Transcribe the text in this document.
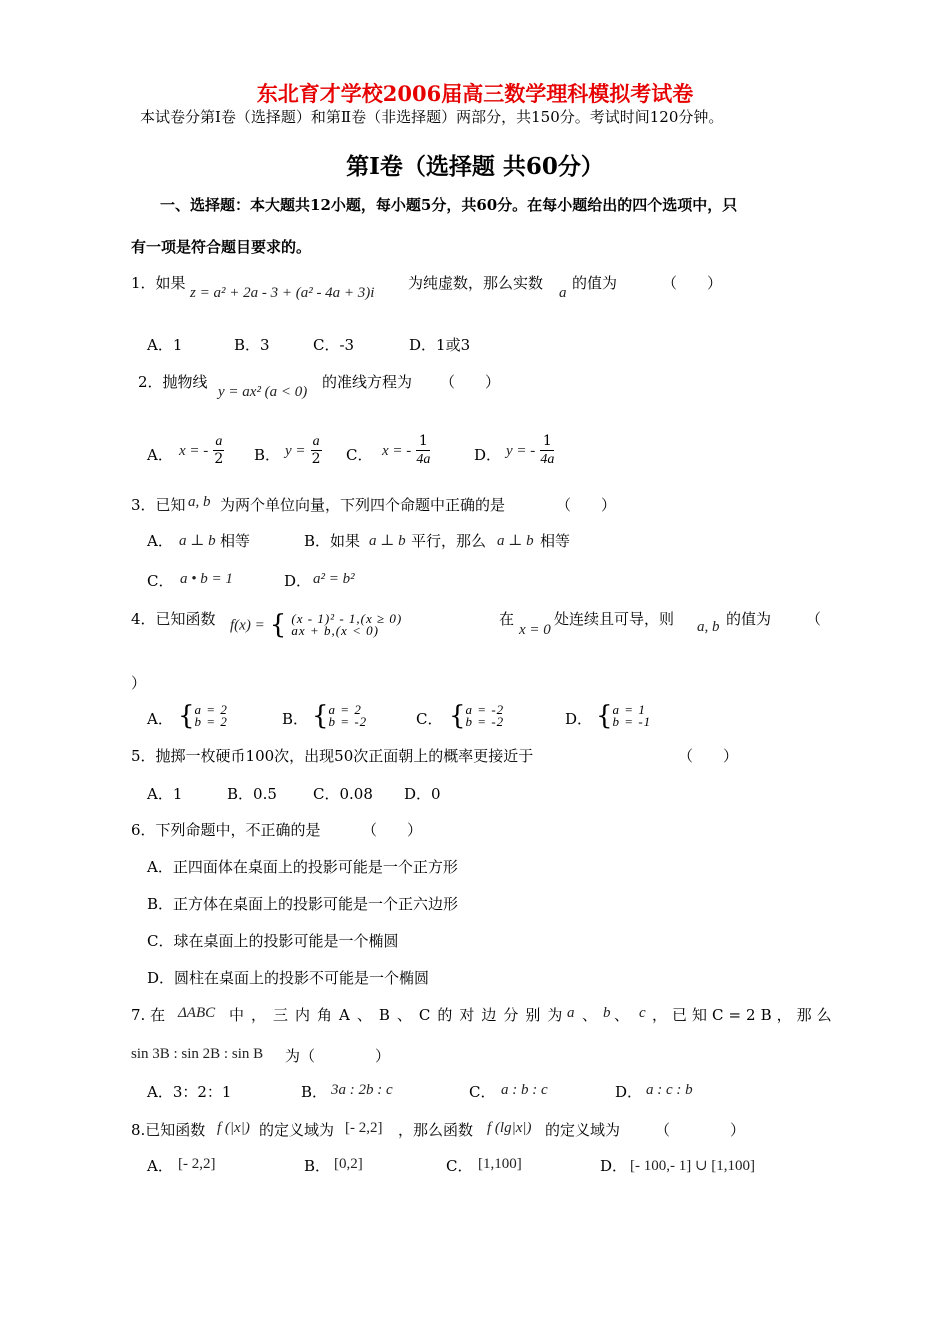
东北育才学校2006届高三数学理科模拟考试卷
本试卷分第Ⅰ卷（选择题）和第Ⅱ卷（非选择题）两部分，共150分。考试时间120分钟。
第Ⅰ卷（选择题 共60分）
一、选择题：本大题共12小题，每小题5分，共60分。在每小题给出的四个选项中，只
有一项是符合题目要求的。
1．如果
z = a² + 2a - 3 + (a² - 4a + 3)i
为纯虚数，那么实数
a
的值为	（　　）
A．1	B．3	C．-3	D．1或3
2．抛物线
y = ax² (a < 0)
的准线方程为 （　　）
A． x = - $\frac{a}{2}$ B． $y = \frac{a}{2}$ C． x = - $\frac{1}{4a}$	D． y = - $\frac{1}{4a}$
3．已知 a, b 为两个单位向量，下列四个命题中正确的是	（　　）
A． a ⊥ b 相等	B．如果 a ⊥ b 平行，那么 a ⊥ b 相等
C． a • b = 1	D． a² = b²
4．已知函数 f(x) = { (x - 1)² - 1,(x ≥ 0)
ax + b,(x < 0)
在
x = 0
处连续且可导，则 a, b 的值为 （
）
A． { a = 2
b = 2	B． { a = 2
b = -2	C． { a = -2
b = -2	D． { a = 1
b = -1
5．抛掷一枚硬币100次，出现50次正面朝上的概率更接近于	（　　）
A．1	B．0.5 C．0.08 D．0
6．下列命题中，不正确的是	（　　）
A．正四面体在桌面上的投影可能是一个正方形
B．正方体在桌面上的投影可能是一个正六边形
C．球在桌面上的投影可能是一个椭圆
D．圆柱在桌面上的投影不可能是一个椭圆
7. 在 ΔABC 中，三内角A、B、C的对边分别为
a 、 b 、 c ，已知C=2B，那么
sin 3B : sin 2B : sin B 为（　　　　）
A．3：2：1	B． 3a : 2b : c	C． a : b : c	D． a : c : b
8.已知函数 f (|x|) 的定义域为 [- 2,2] ，那么函数 f (lg|x|) 的定义域为 （　　　　）
A． [- 2,2]	B． [0,2]	C． [1,100]	D． [- 100,- 1] ∪ [1,100]
